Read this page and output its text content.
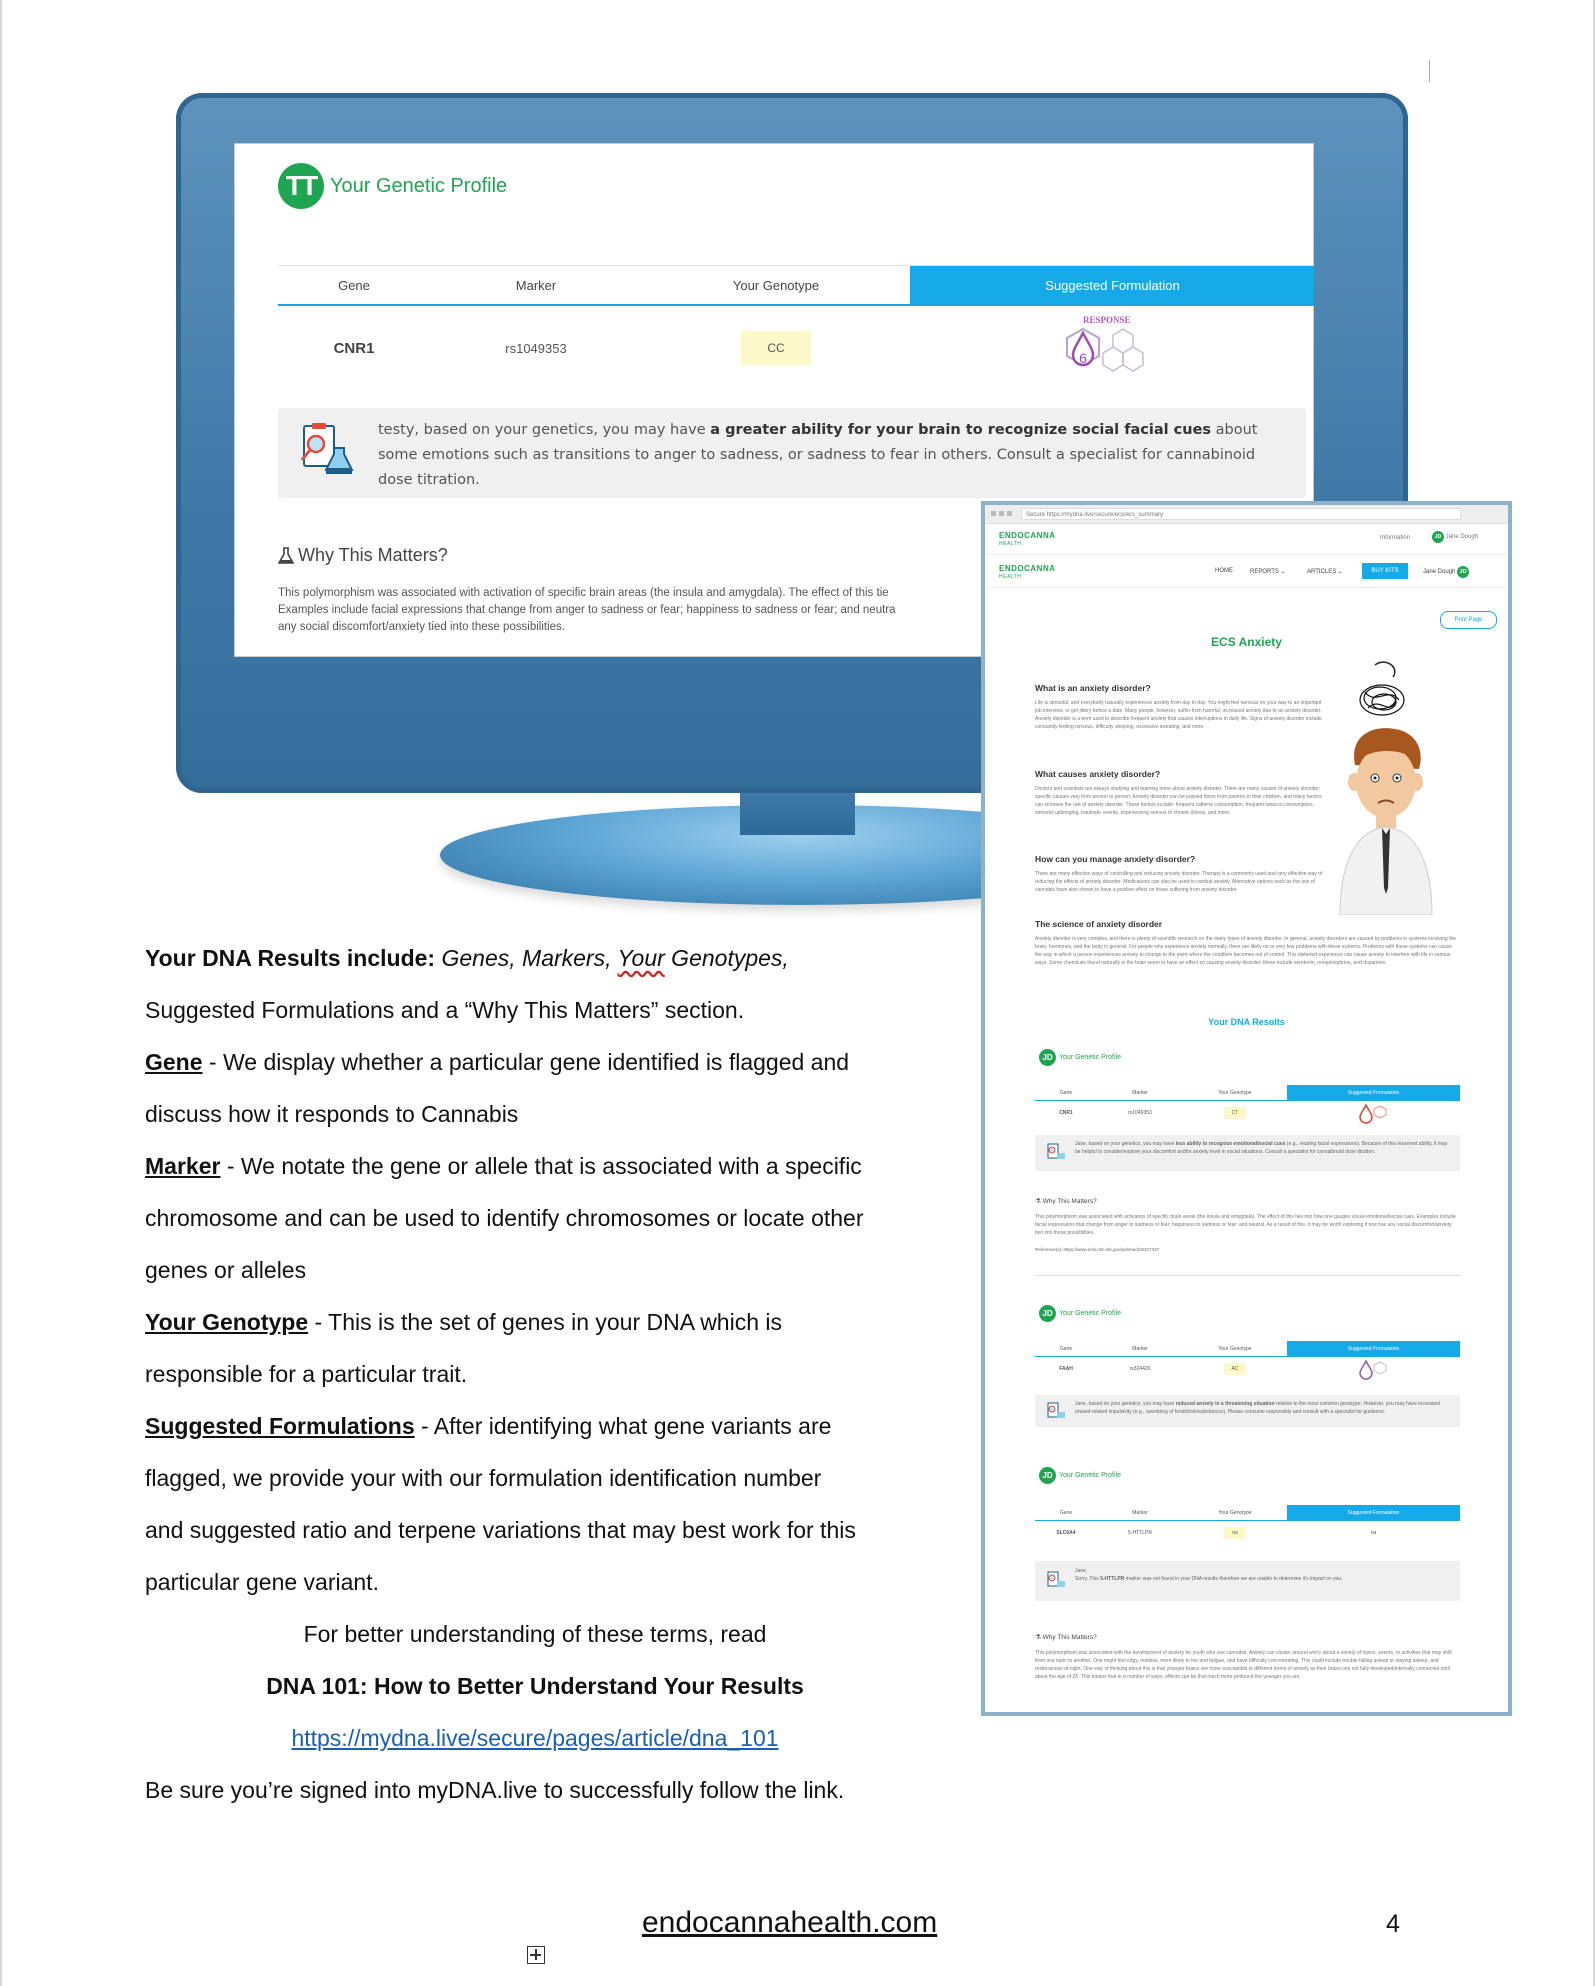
TT Your Genetic Profile
Gene	Marker	Your Genotype	Suggested Formulation
CNR1	rs1049353	CC
RESPONSE
6

testy, based on your genetics, you may have a greater ability for your brain to recognize social facial cues about some emotions such as transitions to anger to sadness, or sadness to fear in others. Consult a specialist for cannabinoid dose titration.

Why This Matters?
This polymorphism was associated with activation of specific brain areas (the insula and amygdala). The effect of this tie
Examples include facial expressions that change from anger to sadness or fear; happiness to sadness or fear; and neutra
any social discomfort/anxiety tied into these possibilities.
Secure https://mydna.live/secure/ecs/ecs_summary
ENDOCANNA
HEALTH
Information	JD Jane Dough
ENDOCANNA
HEALTH
HOME	REPORTS ⌄	ARTICLES ⌄	BUY KITS	Jane Dough JD
Print Page
ECS Anxiety
What is an anxiety disorder?
Life is stressful, and everybody naturally experiences anxiety from day to day. You might feel nervous on your way to an important job interview, or get jittery before a date. Many people, however, suffer from harmful, increased anxiety due to an anxiety disorder. Anxiety disorder is a term used to describe frequent anxiety that causes interruptions in daily life. Signs of anxiety disorder include constantly feeling nervous, difficulty sleeping, excessive sweating, and more.
What causes anxiety disorder?
Doctors and scientists are always studying and learning more about anxiety disorder. There are many causes of anxiety disorder; specific causes vary from person to person. Anxiety disorder can be passed down from parents to their children, and many factors can increase the risk of anxiety disorder. These factors include: frequent caffeine consumption, frequent tobacco consumption, stressful upbringing, traumatic events, experiencing serious or chronic illness, and more.
How can you manage anxiety disorder?
There are many effective ways of controlling and reducing anxiety disorder. Therapy is a commonly used and very effective way of reducing the effects of anxiety disorder. Medications can also be used to combat anxiety. Alternative options such as the use of cannabis have also shown to have a positive effect on those suffering from anxiety disorder.
The science of anxiety disorder
Anxiety disorder is very complex, and there is plenty of scientific research on the many types of anxiety disorder. In general, anxiety disorders are caused by problems in systems involving the brain, hormones, and the body in general. For people who experience anxiety normally, there are likely no or very few problems with these systems. Problems with these systems can cause the way in which a person experiences anxiety to change to the point where the condition becomes out of control. This distorted experience can cause anxiety to interfere with life in various ways. Some chemicals found naturally in the brain seem to have an effect on causing anxiety disorder; these include serotonin, norepinephrine, and dopamine.
Your DNA Results
JD Your Genetic Profile
Gene	Marker	Your Genotype	Suggested Formulation
CNR1	rs1049353	CT

Jane, based on your genetics, you may have less ability to recognize emotional/social cues (e.g., reading facial expressions). Because of this lessened ability, it may be helpful to consider/explore your discomfort and/or anxiety level in social situations. Consult a specialist for cannabinoid dose titration.

⚗ Why This Matters?
This polymorphism was associated with activation of specific brain areas (the insula and amygdala). The effect of this ties into how one gauges visual emotional/social cues. Examples include facial expressions that change from anger to sadness or fear; happiness to sadness or fear; and neutral. As a result of this, it may be worth exploring if one has any social discomfort/anxiety tied into these possibilities.
Reference(s): https://www.ncbi.nlm.nih.gov/pubmed/26327337
JD Your Genetic Profile
Gene	Marker	Your Genotype	Suggested Formulation
FAAH	rs324420	AC

Jane, based on your genetics, you may have reduced anxiety in a threatening situation relative to the most common genotype. However, you may have increased reward-related impulsivity (e.g., overdoing of food/drink/substances). Please consume responsibly and consult with a specialist for guidance.

JD Your Genetic Profile
Gene	Marker	Your Genotype	Suggested Formulation
SLC6A4	5-HTTLPR	na	na

Jane,
Sorry. This 5-HTTLPR marker was not found in your DNA results therefore we are unable to determine it's impact on you.

⚗ Why This Matters?
This polymorphism was associated with the development of anxiety for youth who use cannabis. Anxiety can cluster around worry about a variety of topics, events, or activities that may shift from one topic to another. One might feel edgy, restless, more likely to tire and fatigue, and have difficulty concentrating. This could include trouble falling asleep or staying asleep, and restlessness at night. One way of thinking about this is that younger brains are more susceptible to different forms of anxiety as their brains are not fully developed/internally connected until about the age of 25. This means that in a number of ways, effects can be that much more profound the younger you are.
Your DNA Results include: Genes, Markers, Your Genotypes,
Suggested Formulations and a “Why This Matters” section.
Gene - We display whether a particular gene identified is flagged and
discuss how it responds to Cannabis
Marker - We notate the gene or allele that is associated with a specific
chromosome and can be used to identify chromosomes or locate other
genes or alleles
Your Genotype - This is the set of genes in your DNA which is
responsible for a particular trait.
Suggested Formulations - After identifying what gene variants are
flagged, we provide your with our formulation identification number
and suggested ratio and terpene variations that may best work for this
particular gene variant.
For better understanding of these terms, read
DNA 101: How to Better Understand Your Results
https://mydna.live/secure/pages/article/dna_101
Be sure you’re signed into myDNA.live to successfully follow the link.
endocannahealth.com	4
